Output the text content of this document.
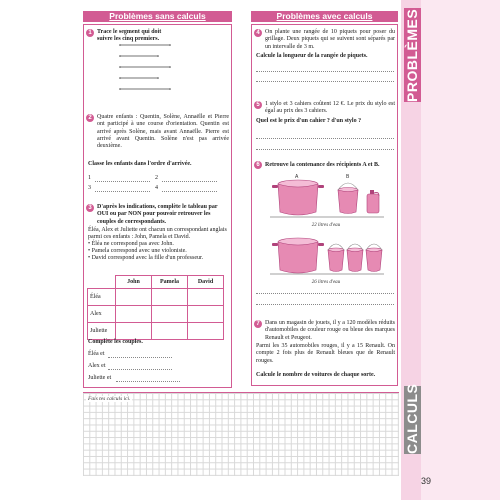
PROBLÈMES
CALCULS
39
Problèmes sans calculs	Problèmes avec calculs
1 Trace le segment qui doit suivre les cinq premiers.
2 Quatre enfants : Quentin, Solène, Annaëlle et Pierre ont participé à une course d'orientation. Quentin est arrivé après Solène, mais avant Annaëlle. Pierre est arrivé avant Quentin. Solène n'est pas arrivée deuxième.
Classe les enfants dans l'ordre d'arrivée.
1	2
3	4
3 D'après les indications, complète le tableau par OUI ou par NON pour pouvoir retrouver les couples de correspondants.
Éléa, Alex et Juliette ont chacun un correspondant anglais parmi ces enfants : John, Pamela et David.
• Éléa ne correspond pas avec John.
• Pamela correspond avec une violoniste.
• David correspond avec la fille d'un professeur.
	John	Pamela	David
Éléa			
Alex			
Juliette			
Complète les couples.
Éléa et
Alex et
Juliette et
4 On plante une rangée de 10 piquets pour poser du grillage. Deux piquets qui se suivent sont séparés par un intervalle de 3 m.
Calcule la longueur de la rangée de piquets.
5 1 stylo et 3 cahiers coûtent 12 €. Le prix du stylo est égal au prix des 3 cahiers.
Quel est le prix d'un cahier ? d'un stylo ?
6 Retrouve la contenance des récipients A et B.
A	B
22 litres d'eau
26 litres d'eau
7 Dans un magasin de jouets, il y a 120 modèles réduits d'automobiles de couleur rouge ou bleue des marques Renault et Peugeot.
Parmi les 35 automobiles rouges, il y a 15 Renault. On compte 2 fois plus de Renault bleues que de Renault rouges.
Calcule le nombre de voitures de chaque sorte.
Fais tes calculs ici.
